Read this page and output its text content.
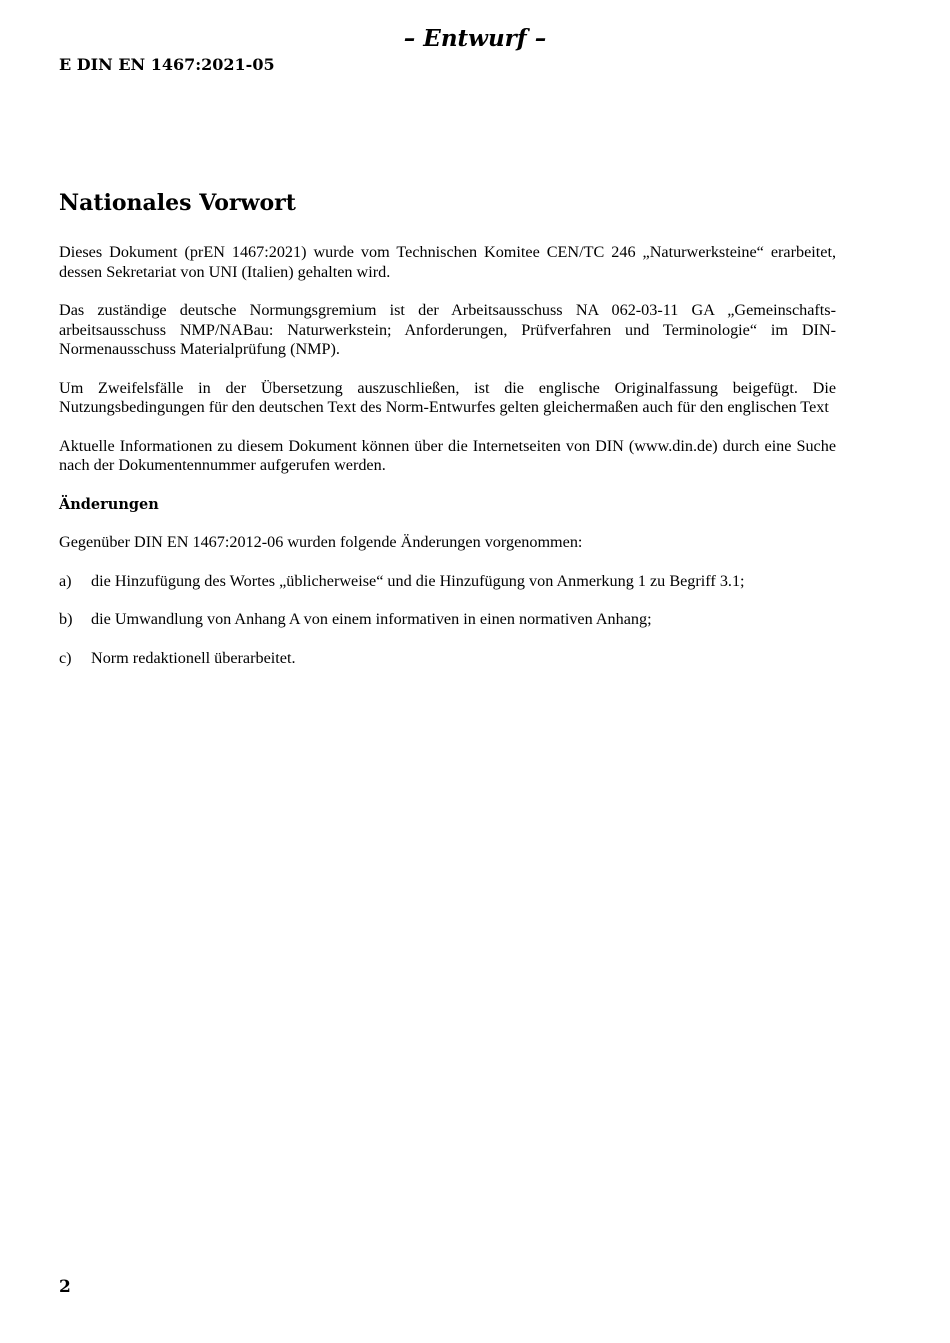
– Entwurf –
E DIN EN 1467:2021-05
Nationales Vorwort

Dieses Dokument (prEN 1467:2021) wurde vom Technischen Komitee CEN/TC 246 „Naturwerksteine“ erarbeitet, dessen Sekretariat von UNI (Italien) gehalten wird.

Das zuständige deutsche Normungsgremium ist der Arbeitsausschuss NA 062-03-11 GA „Gemeinschafts-arbeitsausschuss NMP/NABau: Naturwerkstein; Anforderungen, Prüfverfahren und Terminologie“ im DIN-Normenausschuss Materialprüfung (NMP).

Um Zweifelsfälle in der Übersetzung auszuschließen, ist die englische Originalfassung beigefügt. Die Nutzungsbedingungen für den deutschen Text des Norm-Entwurfes gelten gleichermaßen auch für den englischen Text

Aktuelle Informationen zu diesem Dokument können über die Internetseiten von DIN (www.din.de) durch eine Suche nach der Dokumentennummer aufgerufen werden.

Änderungen

Gegenüber DIN EN 1467:2012-06 wurden folgende Änderungen vorgenommen:

a)	die Hinzufügung des Wortes „üblicherweise“ und die Hinzufügung von Anmerkung 1 zu Begriff 3.1;
b)	die Umwandlung von Anhang A von einem informativen in einen normativen Anhang;
c)	Norm redaktionell überarbeitet.
2
